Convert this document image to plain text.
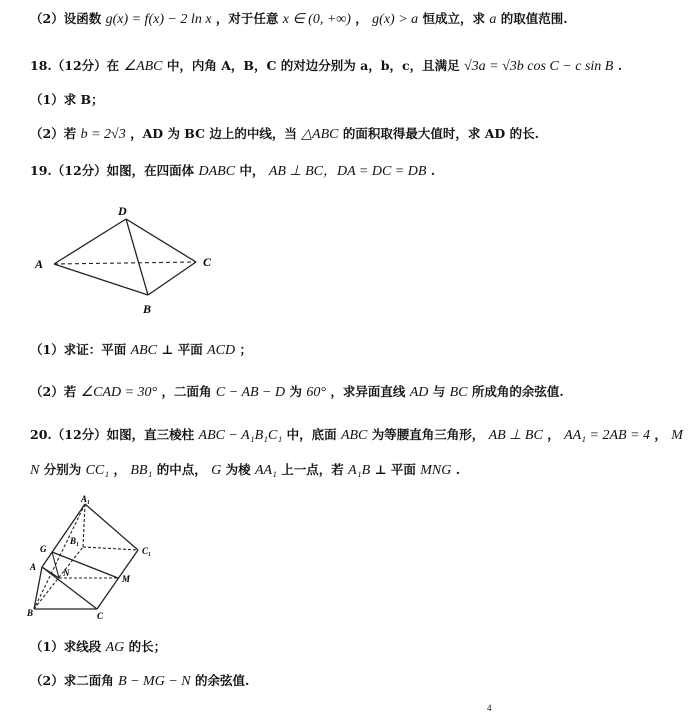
（2）设函数 g(x) = f(x) − 2 ln x ，对于任意 x ∈ (0, +∞) ， g(x) > a 恒成立，求 a 的取值范围.
18.（12分）在 ∠ABC 中，内角 A，B，C 的对边分别为 a，b，c，且满足 √3a = √3b cos C − c sin B .
（1）求 B；
（2）若 b = 2√3 ，AD 为 BC 边上的中线，当 △ABC 的面积取得最大值时，求 AD 的长.
19.（12分）如图，在四面体 DABC 中， AB ⊥ BC，DA = DC = DB .
D
A	C
B
（1）求证：平面 ABC ⊥ 平面 ACD ；
（2）若 ∠CAD = 30° ，二面角 C − AB − D 为 60° ，求异面直线 AD 与 BC 所成角的余弦值.
20.（12分）如图，直三棱柱 ABC − A₁B₁C₁ 中，底面 ABC 为等腰直角三角形， AB ⊥ BC ， AA₁ = 2AB = 4 ， M
N 分别为 CC₁ ， BB₁ 的中点， G 为棱 AA₁ 上一点，若 A₁B ⊥ 平面 MNG .
A₁
B₁
C₁
G
A
N
M
B	C
（1）求线段 AG 的长；
（2）求二面角 B − MG − N 的余弦值.
4
